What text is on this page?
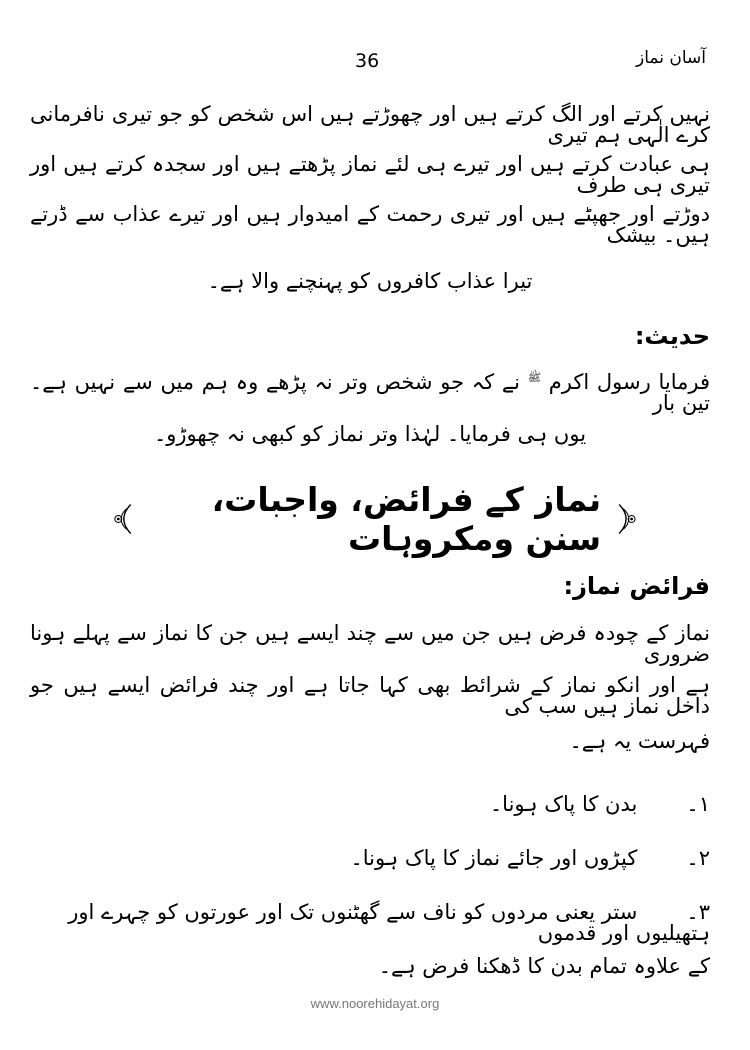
آسان نماز
36
نہیں کرتے اور الگ کرتے ہیں اور چھوڑتے ہیں اس شخص کو جو تیری نافرمانی کرے الٰہی ہم تیری
ہی عبادت کرتے ہیں اور تیرے ہی لئے نماز پڑھتے ہیں اور سجدہ کرتے ہیں اور تیری ہی طرف
دوڑتے اور جھپٹے ہیں اور تیری رحمت کے امیدوار ہیں اور تیرے عذاب سے ڈرتے ہیں۔ بیشک
تیرا عذاب کافروں کو پہنچنے والا ہے۔
حدیث:
فرمایا رسول اکرم ﷺ نے کہ جو شخص وتر نہ پڑھے وہ ہم میں سے نہیں ہے۔ تین بار
یوں ہی فرمایا۔ لہٰذا وتر نماز کو کبھی نہ چھوڑو۔
نماز کے فرائض، واجبات، سنن ومکروہات
فرائض نماز:
نماز کے چودہ فرض ہیں جن میں سے چند ایسے ہیں جن کا نماز سے پہلے ہونا ضروری
ہے اور انکو نماز کے شرائط بھی کہا جاتا ہے اور چند فرائض ایسے ہیں جو داخل نماز ہیں سب کی
فہرست یہ ہے۔
۱۔ بدن کا پاک ہونا۔
۲۔ کپڑوں اور جائے نماز کا پاک ہونا۔
۳۔ ستر یعنی مردوں کو ناف سے گھٹنوں تک اور عورتوں کو چہرے اور ہتھیلیوں اور قدموں
کے علاوہ تمام بدن کا ڈھکنا فرض ہے۔
www.noorehidayat.org
